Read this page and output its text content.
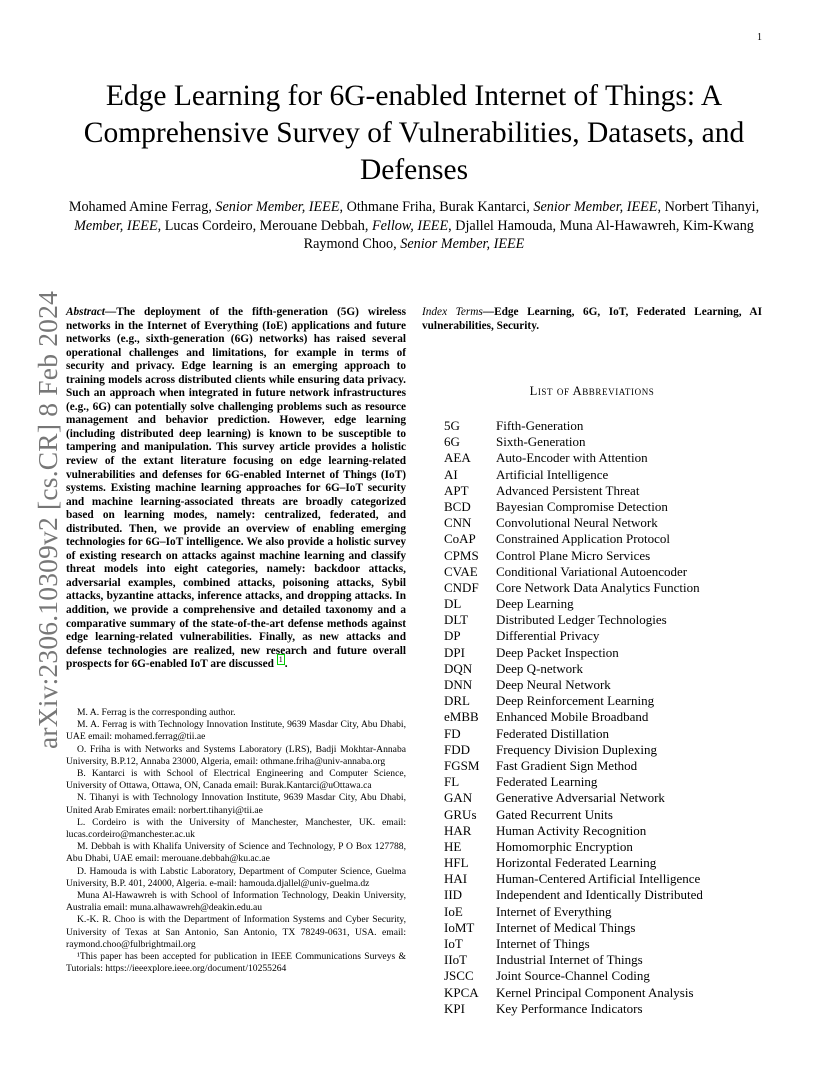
1
arXiv:2306.10309v2 [cs.CR] 8 Feb 2024
Edge Learning for 6G-enabled Internet of Things: A Comprehensive Survey of Vulnerabilities, Datasets, and Defenses
Mohamed Amine Ferrag, Senior Member, IEEE, Othmane Friha, Burak Kantarci, Senior Member, IEEE, Norbert Tihanyi, Member, IEEE, Lucas Cordeiro, Merouane Debbah, Fellow, IEEE, Djallel Hamouda, Muna Al-Hawawreh, Kim-Kwang Raymond Choo, Senior Member, IEEE
Abstract—The deployment of the fifth-generation (5G) wireless networks in the Internet of Everything (IoE) applications and future networks (e.g., sixth-generation (6G) networks) has raised several operational challenges and limitations, for example in terms of security and privacy. Edge learning is an emerging approach to training models across distributed clients while ensuring data privacy. Such an approach when integrated in future network infrastructures (e.g., 6G) can potentially solve challenging problems such as resource management and behavior prediction. However, edge learning (including distributed deep learning) is known to be susceptible to tampering and manipulation. This survey article provides a holistic review of the extant literature focusing on edge learning-related vulnerabilities and defenses for 6G-enabled Internet of Things (IoT) systems. Existing machine learning approaches for 6G–IoT security and machine learning-associated threats are broadly categorized based on learning modes, namely: centralized, federated, and distributed. Then, we provide an overview of enabling emerging technologies for 6G–IoT intelligence. We also provide a holistic survey of existing research on attacks against machine learning and classify threat models into eight categories, namely: backdoor attacks, adversarial examples, combined attacks, poisoning attacks, Sybil attacks, byzantine attacks, inference attacks, and dropping attacks. In addition, we provide a comprehensive and detailed taxonomy and a comparative summary of the state-of-the-art defense methods against edge learning-related vulnerabilities. Finally, as new attacks and defense technologies are realized, new research and future overall prospects for 6G-enabled IoT are discussed $^1$ .

M. A. Ferrag is the corresponding author.

M. A. Ferrag is with Technology Innovation Institute, 9639 Masdar City, Abu Dhabi, UAE email: mohamed.ferrag@tii.ae

O. Friha is with Networks and Systems Laboratory (LRS), Badji Mokhtar-Annaba University, B.P.12, Annaba 23000, Algeria, email: othmane.friha@univ-annaba.org

B. Kantarci is with School of Electrical Engineering and Computer Science, University of Ottawa, Ottawa, ON, Canada email: Burak.Kantarci@uOttawa.ca

N. Tihanyi is with Technology Innovation Institute, 9639 Masdar City, Abu Dhabi, United Arab Emirates email: norbert.tihanyi@tii.ae

L. Cordeiro is with the University of Manchester, Manchester, UK. email: lucas.cordeiro@manchester.ac.uk

M. Debbah is with Khalifa University of Science and Technology, P O Box 127788, Abu Dhabi, UAE email: merouane.debbah@ku.ac.ae

D. Hamouda is with Labstic Laboratory, Department of Computer Science, Guelma University, B.P. 401, 24000, Algeria. e-mail: hamouda.djallel@univ-guelma.dz

Muna Al-Hawawreh is with School of Information Technology, Deakin University, Australia email: muna.alhawawreh@deakin.edu.au

K.-K. R. Choo is with the Department of Information Systems and Cyber Security, University of Texas at San Antonio, San Antonio, TX 78249-0631, USA. email: raymond.choo@fulbrightmail.org

¹This paper has been accepted for publication in IEEE Communications Surveys & Tutorials: https://ieeexplore.ieee.org/document/10255264

Index Terms—Edge Learning, 6G, IoT, Federated Learning, AI vulnerabilities, Security.
List of Abbreviations
5G	Fifth-Generation
6G	Sixth-Generation
AEA	Auto-Encoder with Attention
AI	Artificial Intelligence
APT	Advanced Persistent Threat
BCD	Bayesian Compromise Detection
CNN	Convolutional Neural Network
CoAP	Constrained Application Protocol
CPMS	Control Plane Micro Services
CVAE	Conditional Variational Autoencoder
CNDF	Core Network Data Analytics Function
DL	Deep Learning
DLT	Distributed Ledger Technologies
DP	Differential Privacy
DPI	Deep Packet Inspection
DQN	Deep Q-network
DNN	Deep Neural Network
DRL	Deep Reinforcement Learning
eMBB	Enhanced Mobile Broadband
FD	Federated Distillation
FDD	Frequency Division Duplexing
FGSM	Fast Gradient Sign Method
FL	Federated Learning
GAN	Generative Adversarial Network
GRUs	Gated Recurrent Units
HAR	Human Activity Recognition
HE	Homomorphic Encryption
HFL	Horizontal Federated Learning
HAI	Human-Centered Artificial Intelligence
IID	Independent and Identically Distributed
IoE	Internet of Everything
IoMT	Internet of Medical Things
IoT	Internet of Things
IIoT	Industrial Internet of Things
JSCC	Joint Source-Channel Coding
KPCA	Kernel Principal Component Analysis
KPI	Key Performance Indicators
